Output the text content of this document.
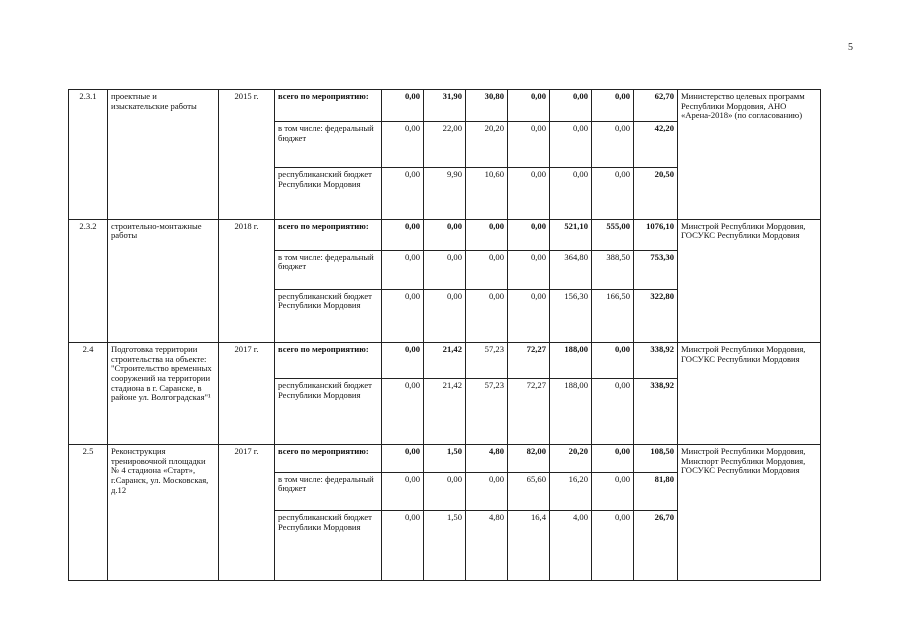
5
2.3.1	проектные и изыскательские работы	2015 г.	всего по мероприятию:	0,00	31,90	30,80	0,00	0,00	0,00	62,70	Министерство целевых программ Республики Мордовия, АНО «Арена-2018» (по согласованию)
			в том числе: федеральный бюджет	0,00	22,00	20,20	0,00	0,00	0,00	42,20	
			республиканский бюджет Республики Мордовия	0,00	9,90	10,60	0,00	0,00	0,00	20,50	
2.3.2	строительно-монтажные работы	2018 г.	всего по мероприятию:	0,00	0,00	0,00	0,00	521,10	555,00	1076,10	Минстрой Республики Мордовия, ГОСУКС Республики Мордовия
			в том числе: федеральный бюджет	0,00	0,00	0,00	0,00	364,80	388,50	753,30	
			республиканский бюджет Республики Мордовия	0,00	0,00	0,00	0,00	156,30	166,50	322,80	
2.4	Подготовка территории строительства на объекте: "Строительство временных сооружений на территории стадиона в г. Саранске, в районе ул. Волгоградская"¹	2017 г.	всего по мероприятию:	0,00	21,42	57,23	72,27	188,00	0,00	338,92	Минстрой Республики Мордовия, ГОСУКС Республики Мордовия
			республиканский бюджет Республики Мордовия	0,00	21,42	57,23	72,27	188,00	0,00	338,92	
2.5	Реконструкция тренировочной площадки № 4 стадиона «Старт», г.Саранск, ул. Московская, д.12	2017 г.	всего по мероприятию:	0,00	1,50	4,80	82,00	20,20	0,00	108,50	Минстрой Республики Мордовия, Минспорт Республики Мордовия, ГОСУКС Республики Мордовия
			в том числе: федеральный бюджет	0,00	0,00	0,00	65,60	16,20	0,00	81,80	
			республиканский бюджет Республики Мордовия	0,00	1,50	4,80	16,4	4,00	0,00	26,70	
